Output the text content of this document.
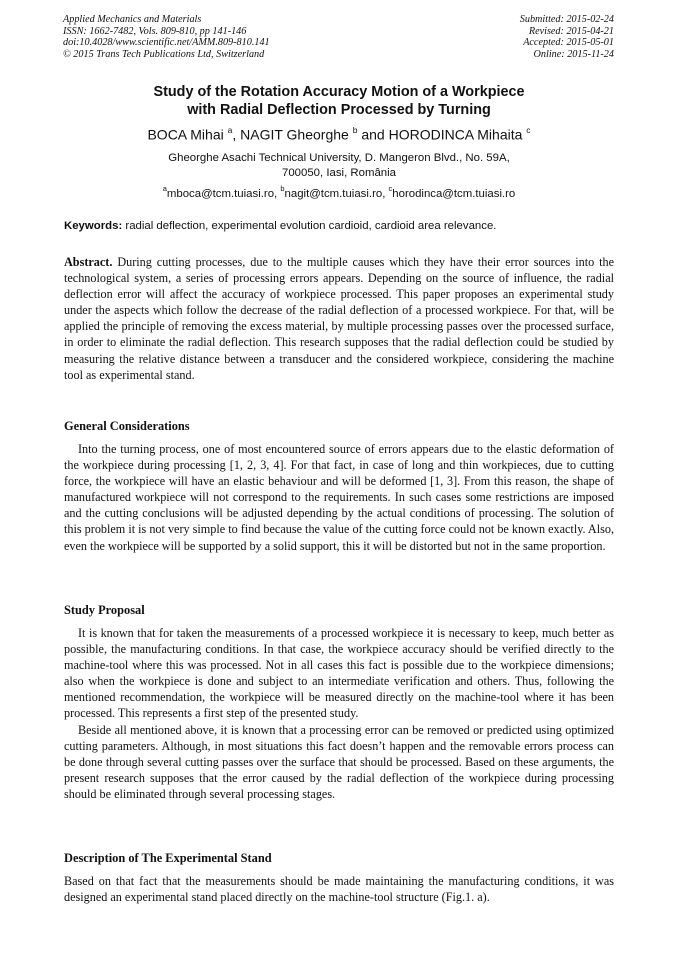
Applied Mechanics and Materials
ISSN: 1662-7482, Vols. 809-810, pp 141-146
doi:10.4028/www.scientific.net/AMM.809-810.141
© 2015 Trans Tech Publications Ltd, Switzerland
Submitted: 2015-02-24
Revised: 2015-04-21
Accepted: 2015-05-01
Online: 2015-11-24
Study of the Rotation Accuracy Motion of a Workpiece
with Radial Deflection Processed by Turning
BOCA Mihai $^a$, NAGIT Gheorghe $^b$ and HORODINCA Mihaita $^c$
Gheorghe Asachi Technical University, D. Mangeron Blvd., No. 59A,
700050, Iasi, România
$^a$mboca@tcm.tuiasi.ro, $^b$nagit@tcm.tuiasi.ro, $^c$horodinca@tcm.tuiasi.ro
Keywords: radial deflection, experimental evolution cardioid, cardioid area relevance.

Abstract. During cutting processes, due to the multiple causes which they have their error sources into the technological system, a series of processing errors appears. Depending on the source of influence, the radial deflection error will affect the accuracy of workpiece processed. This paper proposes an experimental study under the aspects which follow the decrease of the radial deflection of a processed workpiece. For that, will be applied the principle of removing the excess material, by multiple processing passes over the processed surface, in order to eliminate the radial deflection. This research supposes that the radial deflection could be studied by measuring the relative distance between a transducer and the considered workpiece, considering the machine tool as experimental stand.

General Considerations

Into the turning process, one of most encountered source of errors appears due to the elastic deformation of the workpiece during processing [1, 2, 3, 4]. For that fact, in case of long and thin workpieces, due to cutting force, the workpiece will have an elastic behaviour and will be deformed [1, 3]. From this reason, the shape of manufactured workpiece will not correspond to the requirements. In such cases some restrictions are imposed and the cutting conclusions will be adjusted depending by the actual conditions of processing. The solution of this problem it is not very simple to find because the value of the cutting force could not be known exactly. Also, even the workpiece will be supported by a solid support, this it will be distorted but not in the same proportion.

Study Proposal

It is known that for taken the measurements of a processed workpiece it is necessary to keep, much better as possible, the manufacturing conditions. In that case, the workpiece accuracy should be verified directly to the machine-tool where this was processed. Not in all cases this fact is possible due to the workpiece dimensions; also when the workpiece is done and subject to an intermediate verification and others. Thus, following the mentioned recommendation, the workpiece will be measured directly on the machine-tool where it has been processed. This represents a first step of the presented study.

Beside all mentioned above, it is known that a processing error can be removed or predicted using optimized cutting parameters. Although, in most situations this fact doesn’t happen and the removable errors process can be done through several cutting passes over the surface that should be processed. Based on these arguments, the present research supposes that the error caused by the radial deflection of the workpiece during processing should be eliminated through several processing stages.

Description of The Experimental Stand

Based on that fact that the measurements should be made maintaining the manufacturing conditions, it was designed an experimental stand placed directly on the machine-tool structure (Fig.1. a).
